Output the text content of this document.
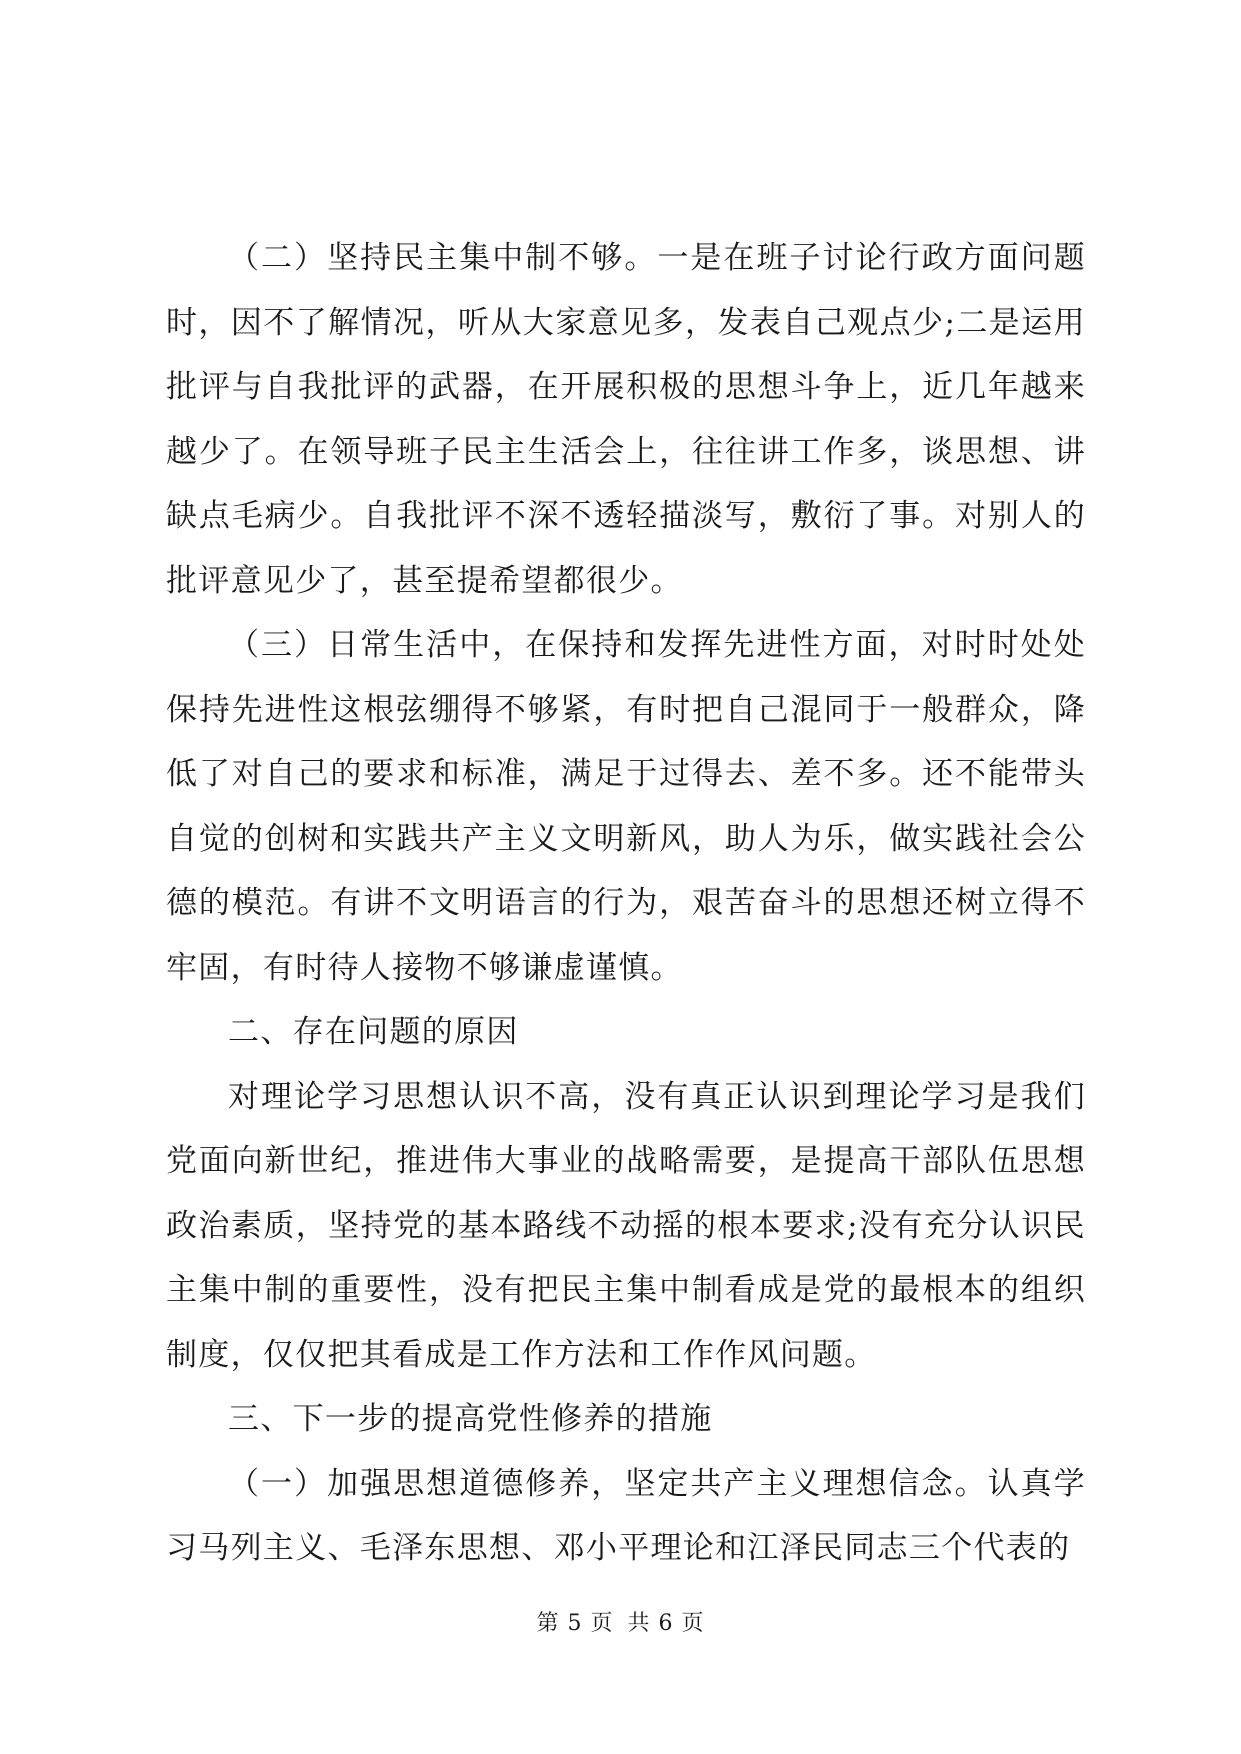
（二）坚持民主集中制不够。一是在班子讨论行政方面问题时，因不了解情况，听从大家意见多，发表自己观点少;二是运用批评与自我批评的武器，在开展积极的思想斗争上，近几年越来越少了。在领导班子民主生活会上，往往讲工作多，谈思想、讲缺点毛病少。自我批评不深不透轻描淡写，敷衍了事。对别人的批评意见少了，甚至提希望都很少。

（三）日常生活中，在保持和发挥先进性方面，对时时处处保持先进性这根弦绷得不够紧，有时把自己混同于一般群众，降低了对自己的要求和标准，满足于过得去、差不多。还不能带头自觉的创树和实践共产主义文明新风，助人为乐，做实践社会公德的模范。有讲不文明语言的行为，艰苦奋斗的思想还树立得不牢固，有时待人接物不够谦虚谨慎。

二、存在问题的原因

对理论学习思想认识不高，没有真正认识到理论学习是我们党面向新世纪，推进伟大事业的战略需要，是提高干部队伍思想政治素质，坚持党的基本路线不动摇的根本要求;没有充分认识民主集中制的重要性，没有把民主集中制看成是党的最根本的组织制度，仅仅把其看成是工作方法和工作作风问题。

三、下一步的提高党性修养的措施

（一）加强思想道德修养，坚定共产主义理想信念。认真学习马列主义、毛泽东思想、邓小平理论和江泽民同志三个代表的

第 5 页 共 6 页
